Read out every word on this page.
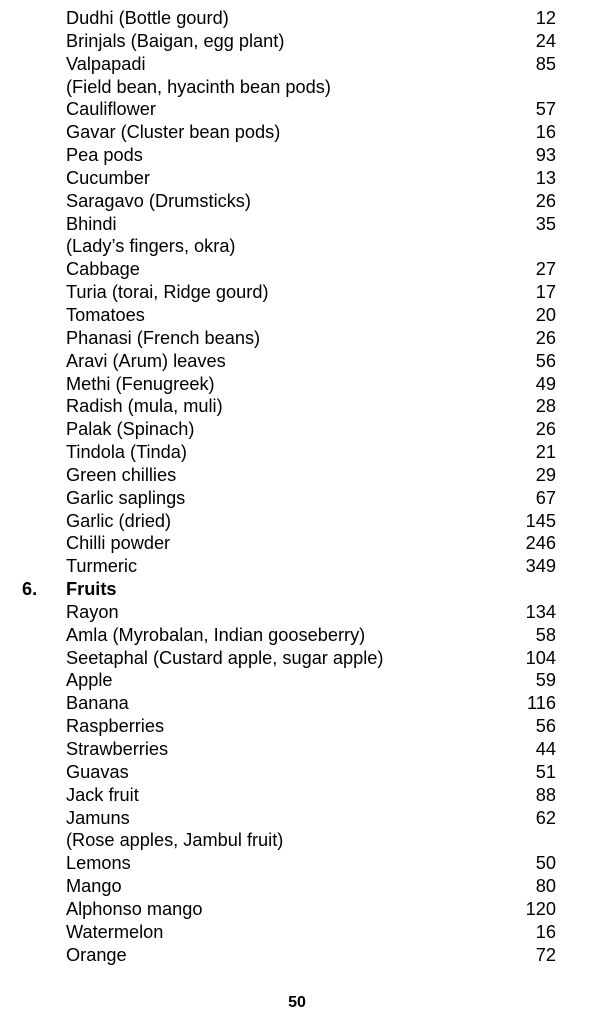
Dudhi (Bottle gourd)	12
Brinjals (Baigan, egg plant)	24
Valpapadi	85
(Field bean, hyacinth bean pods)
Cauliflower	57
Gavar (Cluster bean pods)	16
Pea pods	93
Cucumber	13
Saragavo (Drumsticks)	26
Bhindi	35
(Lady’s fingers, okra)
Cabbage	27
Turia (torai, Ridge gourd)	17
Tomatoes	20
Phanasi (French beans)	26
Aravi (Arum) leaves	56
Methi (Fenugreek)	49
Radish (mula, muli)	28
Palak (Spinach)	26
Tindola (Tinda)	21
Green chillies	29
Garlic saplings	67
Garlic (dried)	145
Chilli powder	246
Turmeric	349
6. Fruits
Rayon	134
Amla (Myrobalan, Indian gooseberry)	58
Seetaphal (Custard apple, sugar apple)	104
Apple	59
Banana	116
Raspberries	56
Strawberries	44
Guavas	51
Jack fruit	88
Jamuns	62
(Rose apples, Jambul fruit)
Lemons	50
Mango	80
Alphonso mango	120
Watermelon	16
Orange	72
50
